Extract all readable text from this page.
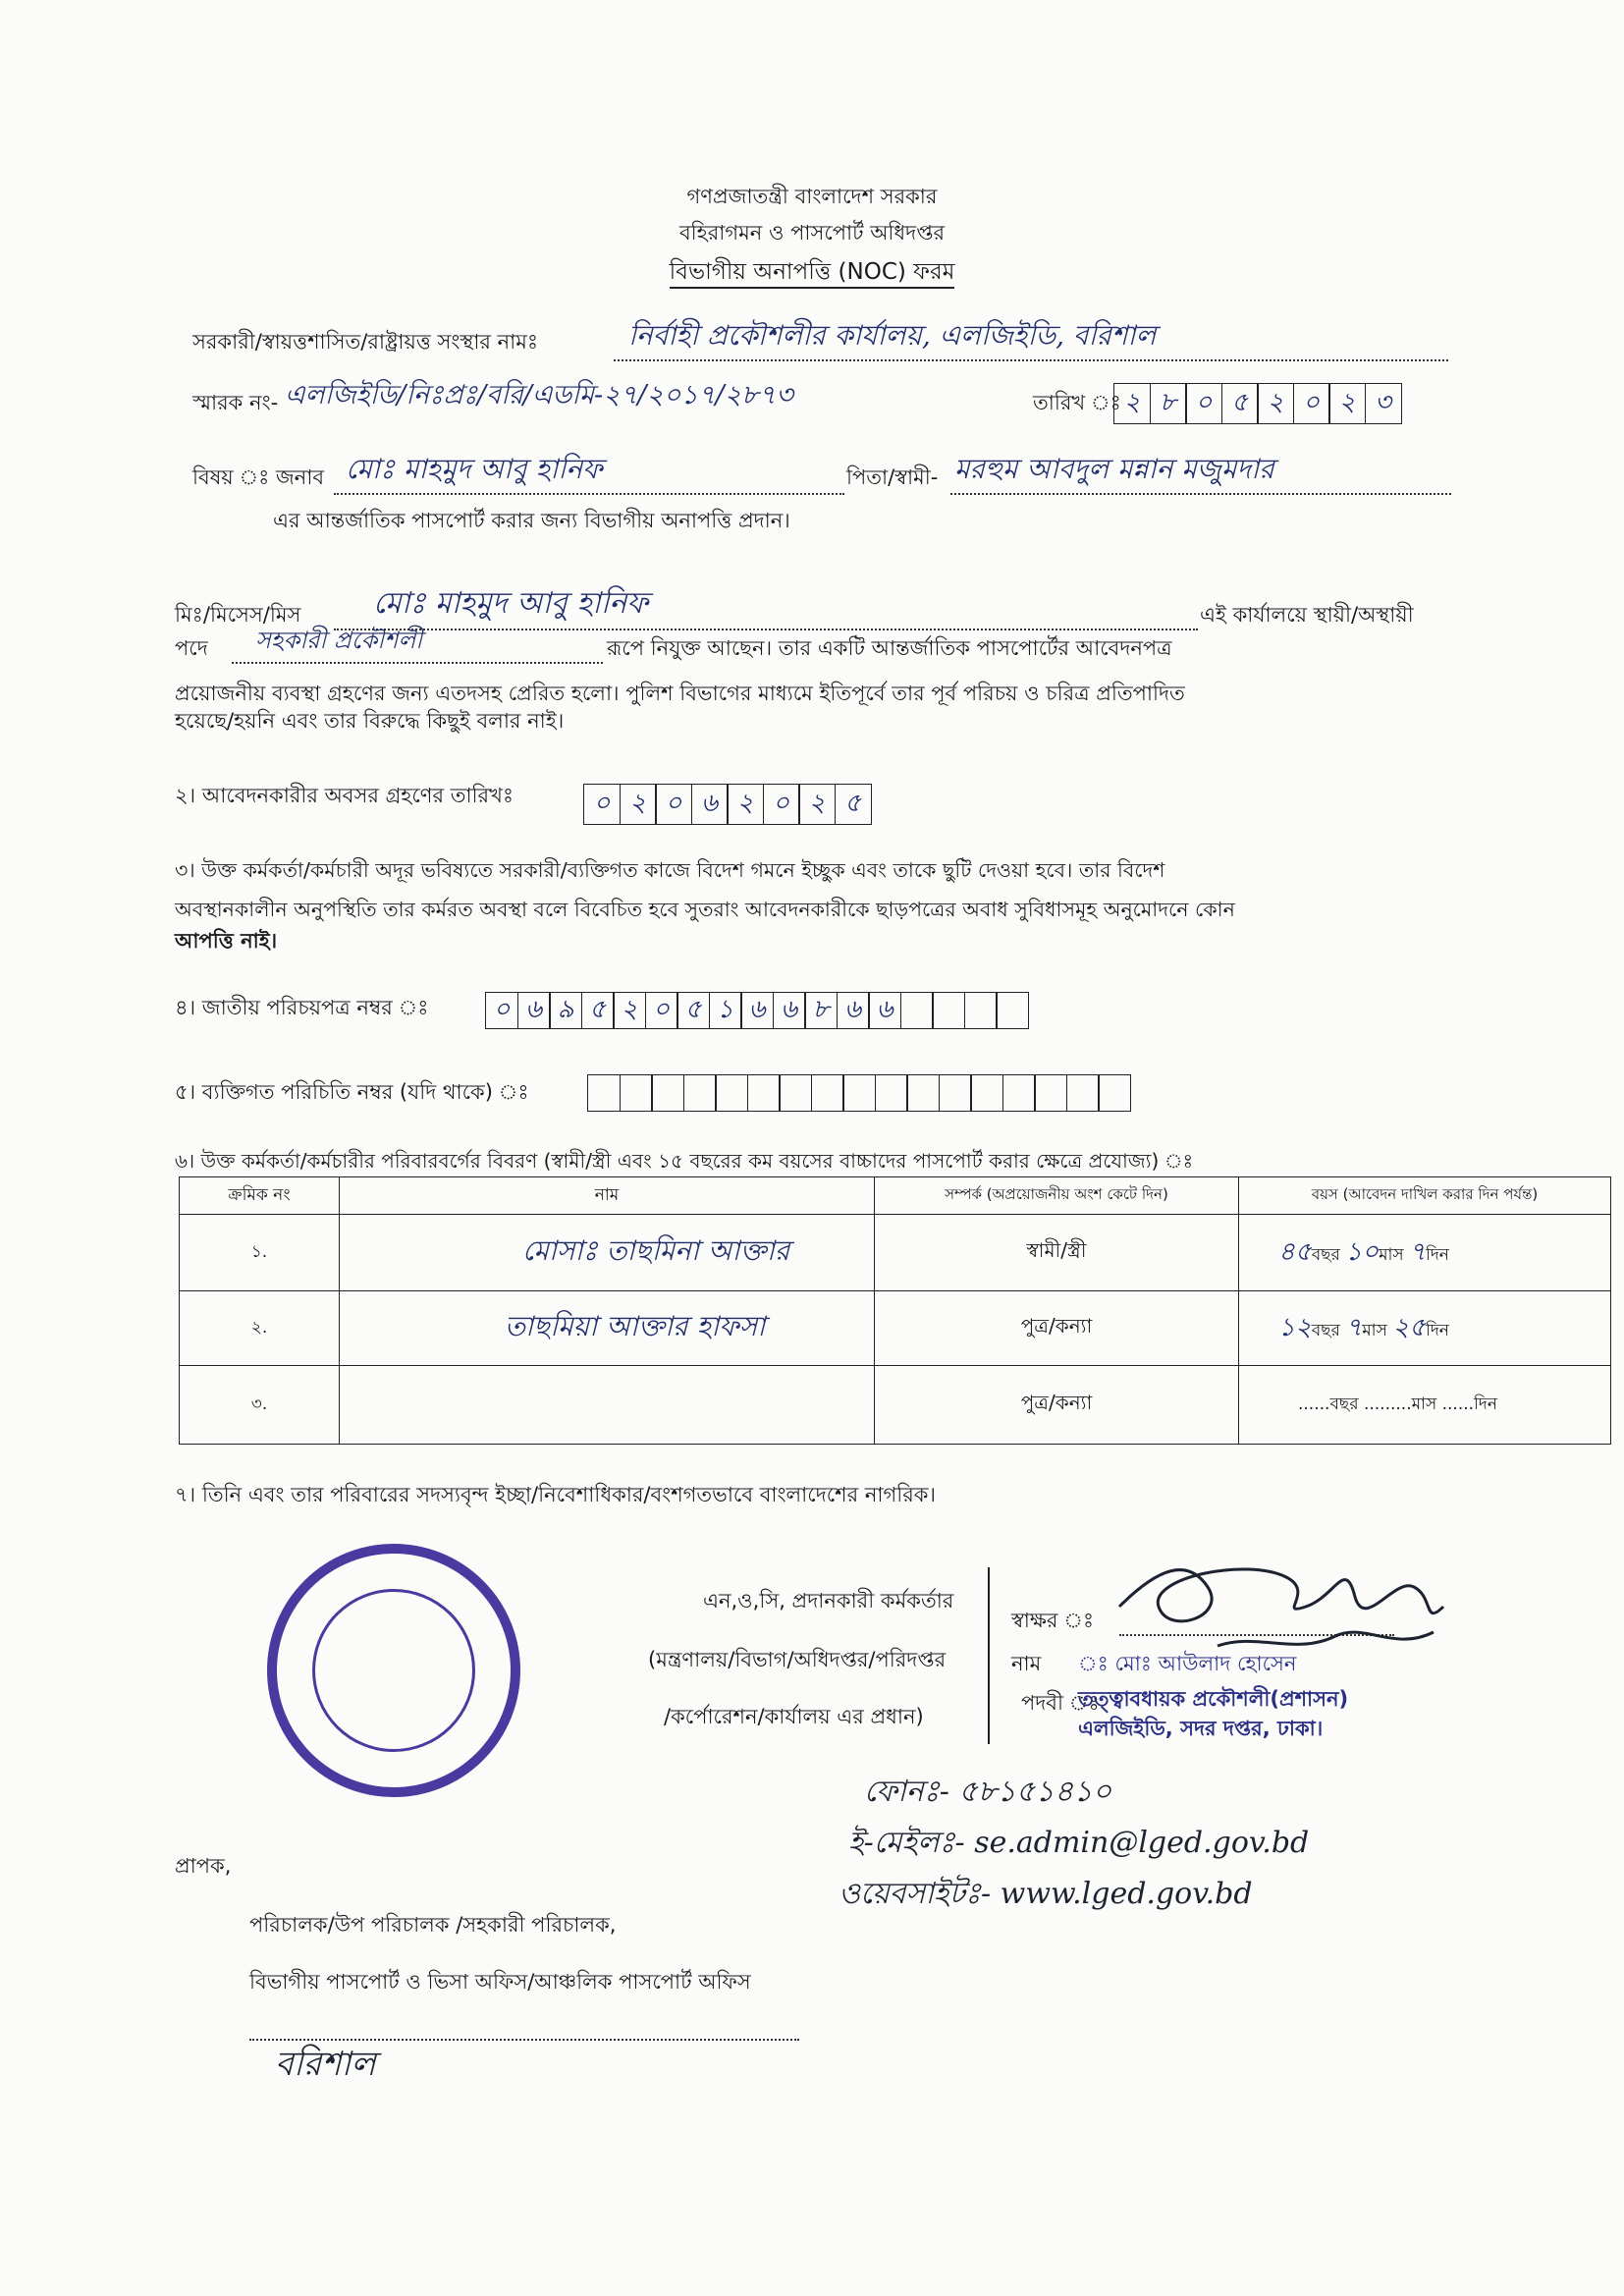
গণপ্রজাতন্ত্রী বাংলাদেশ সরকার
বহিরাগমন ও পাসপোর্ট অধিদপ্তর
বিভাগীয় অনাপত্তি (NOC) ফরম
সরকারী/স্বায়ত্তশাসিত/রাষ্ট্রায়ত্ত সংস্থার নামঃ	নির্বাহী প্রকৌশলীর কার্যালয়, এলজিইডি, বরিশাল
স্মারক নং- এলজিইডি/নিঃপ্রঃ/বরি/এডমি-২৭/২০১৭/২৮৭৩	তারিখ ঃ ২ ৮ ০ ৫ ২ ০ ২ ৩
বিষয় ঃ জনাব মোঃ মাহমুদ আবু হানিফ	পিতা/স্বামী- মরহুম আবদুল মন্নান মজুমদার
এর আন্তর্জাতিক পাসপোর্ট করার জন্য বিভাগীয় অনাপত্তি প্রদান।
মিঃ/মিসেস/মিস মোঃ মাহমুদ আবু হানিফ	এই কার্যালয়ে স্থায়ী/অস্থায়ী
পদে সহকারী প্রকৌশলী	রূপে নিযুক্ত আছেন। তার একটি আন্তর্জাতিক পাসপোর্টের আবেদনপত্র
প্রয়োজনীয় ব্যবস্থা গ্রহণের জন্য এতদসহ প্রেরিত হলো। পুলিশ বিভাগের মাধ্যমে ইতিপূর্বে তার পূর্ব পরিচয় ও চরিত্র প্রতিপাদিত
হয়েছে/হয়নি এবং তার বিরুদ্ধে কিছুই বলার নাই।
২। আবেদনকারীর অবসর গ্রহণের তারিখঃ	০ ২ ০ ৬ ২ ০ ২ ৫
৩। উক্ত কর্মকর্তা/কর্মচারী অদূর ভবিষ্যতে সরকারী/ব্যক্তিগত কাজে বিদেশ গমনে ইচ্ছুক এবং তাকে ছুটি দেওয়া হবে। তার বিদেশ
অবস্থানকালীন অনুপস্থিতি তার কর্মরত অবস্থা বলে বিবেচিত হবে সুতরাং আবেদনকারীকে ছাড়পত্রের অবাধ সুবিধাসমূহ অনুমোদনে কোন
আপত্তি নাই।
৪। জাতীয় পরিচয়পত্র নম্বর ঃ	০ ৬ ৯ ৫ ২ ০ ৫ ১ ৬ ৬ ৮ ৬ ৬
৫। ব্যক্তিগত পরিচিতি নম্বর (যদি থাকে) ঃ
৬। উক্ত কর্মকর্তা/কর্মচারীর পরিবারবর্গের বিবরণ (স্বামী/স্ত্রী এবং ১৫ বছরের কম বয়সের বাচ্চাদের পাসপোর্ট করার ক্ষেত্রে প্রযোজ্য) ঃ
ক্রমিক নং	নাম	সম্পর্ক (অপ্রয়োজনীয় অংশ কেটে দিন)	বয়স (আবেদন দাখিল করার দিন পর্যন্ত)
১.	মোসাঃ তাছমিনা আক্তার	স্বামী/স্ত্রী	৪৫বছর ১০মাস ৭দিন
২.	তাছমিয়া আক্তার হাফসা	পুত্র/কন্যা	১২বছর ৭মাস ২৫দিন
৩.		পুত্র/কন্যা	......বছর .........মাস ......দিন
৭। তিনি এবং তার পরিবারের সদস্যবৃন্দ ইচ্ছা/নিবেশাধিকার/বংশগতভাবে বাংলাদেশের নাগরিক।
এন,ও,সি, প্রদানকারী কর্মকর্তার
(মন্ত্রণালয়/বিভাগ/অধিদপ্তর/পরিদপ্তর
/কর্পোরেশন/কার্যালয় এর প্রধান)
স্বাক্ষর ঃ
নাম ঃ মোঃ আউলাদ হোসেন
পদবী ঃ
তত্ত্বাবধায়ক প্রকৌশলী(প্রশাসন)
এলজিইডি, সদর দপ্তর, ঢাকা।
ফোনঃ- ৫৮১৫১৪১০
ই-মেইলঃ- se.admin@lged.gov.bd
ওয়েবসাইটঃ- www.lged.gov.bd
প্রাপক,
পরিচালক/উপ পরিচালক /সহকারী পরিচালক,
বিভাগীয় পাসপোর্ট ও ভিসা অফিস/আঞ্চলিক পাসপোর্ট অফিস
বরিশাল
